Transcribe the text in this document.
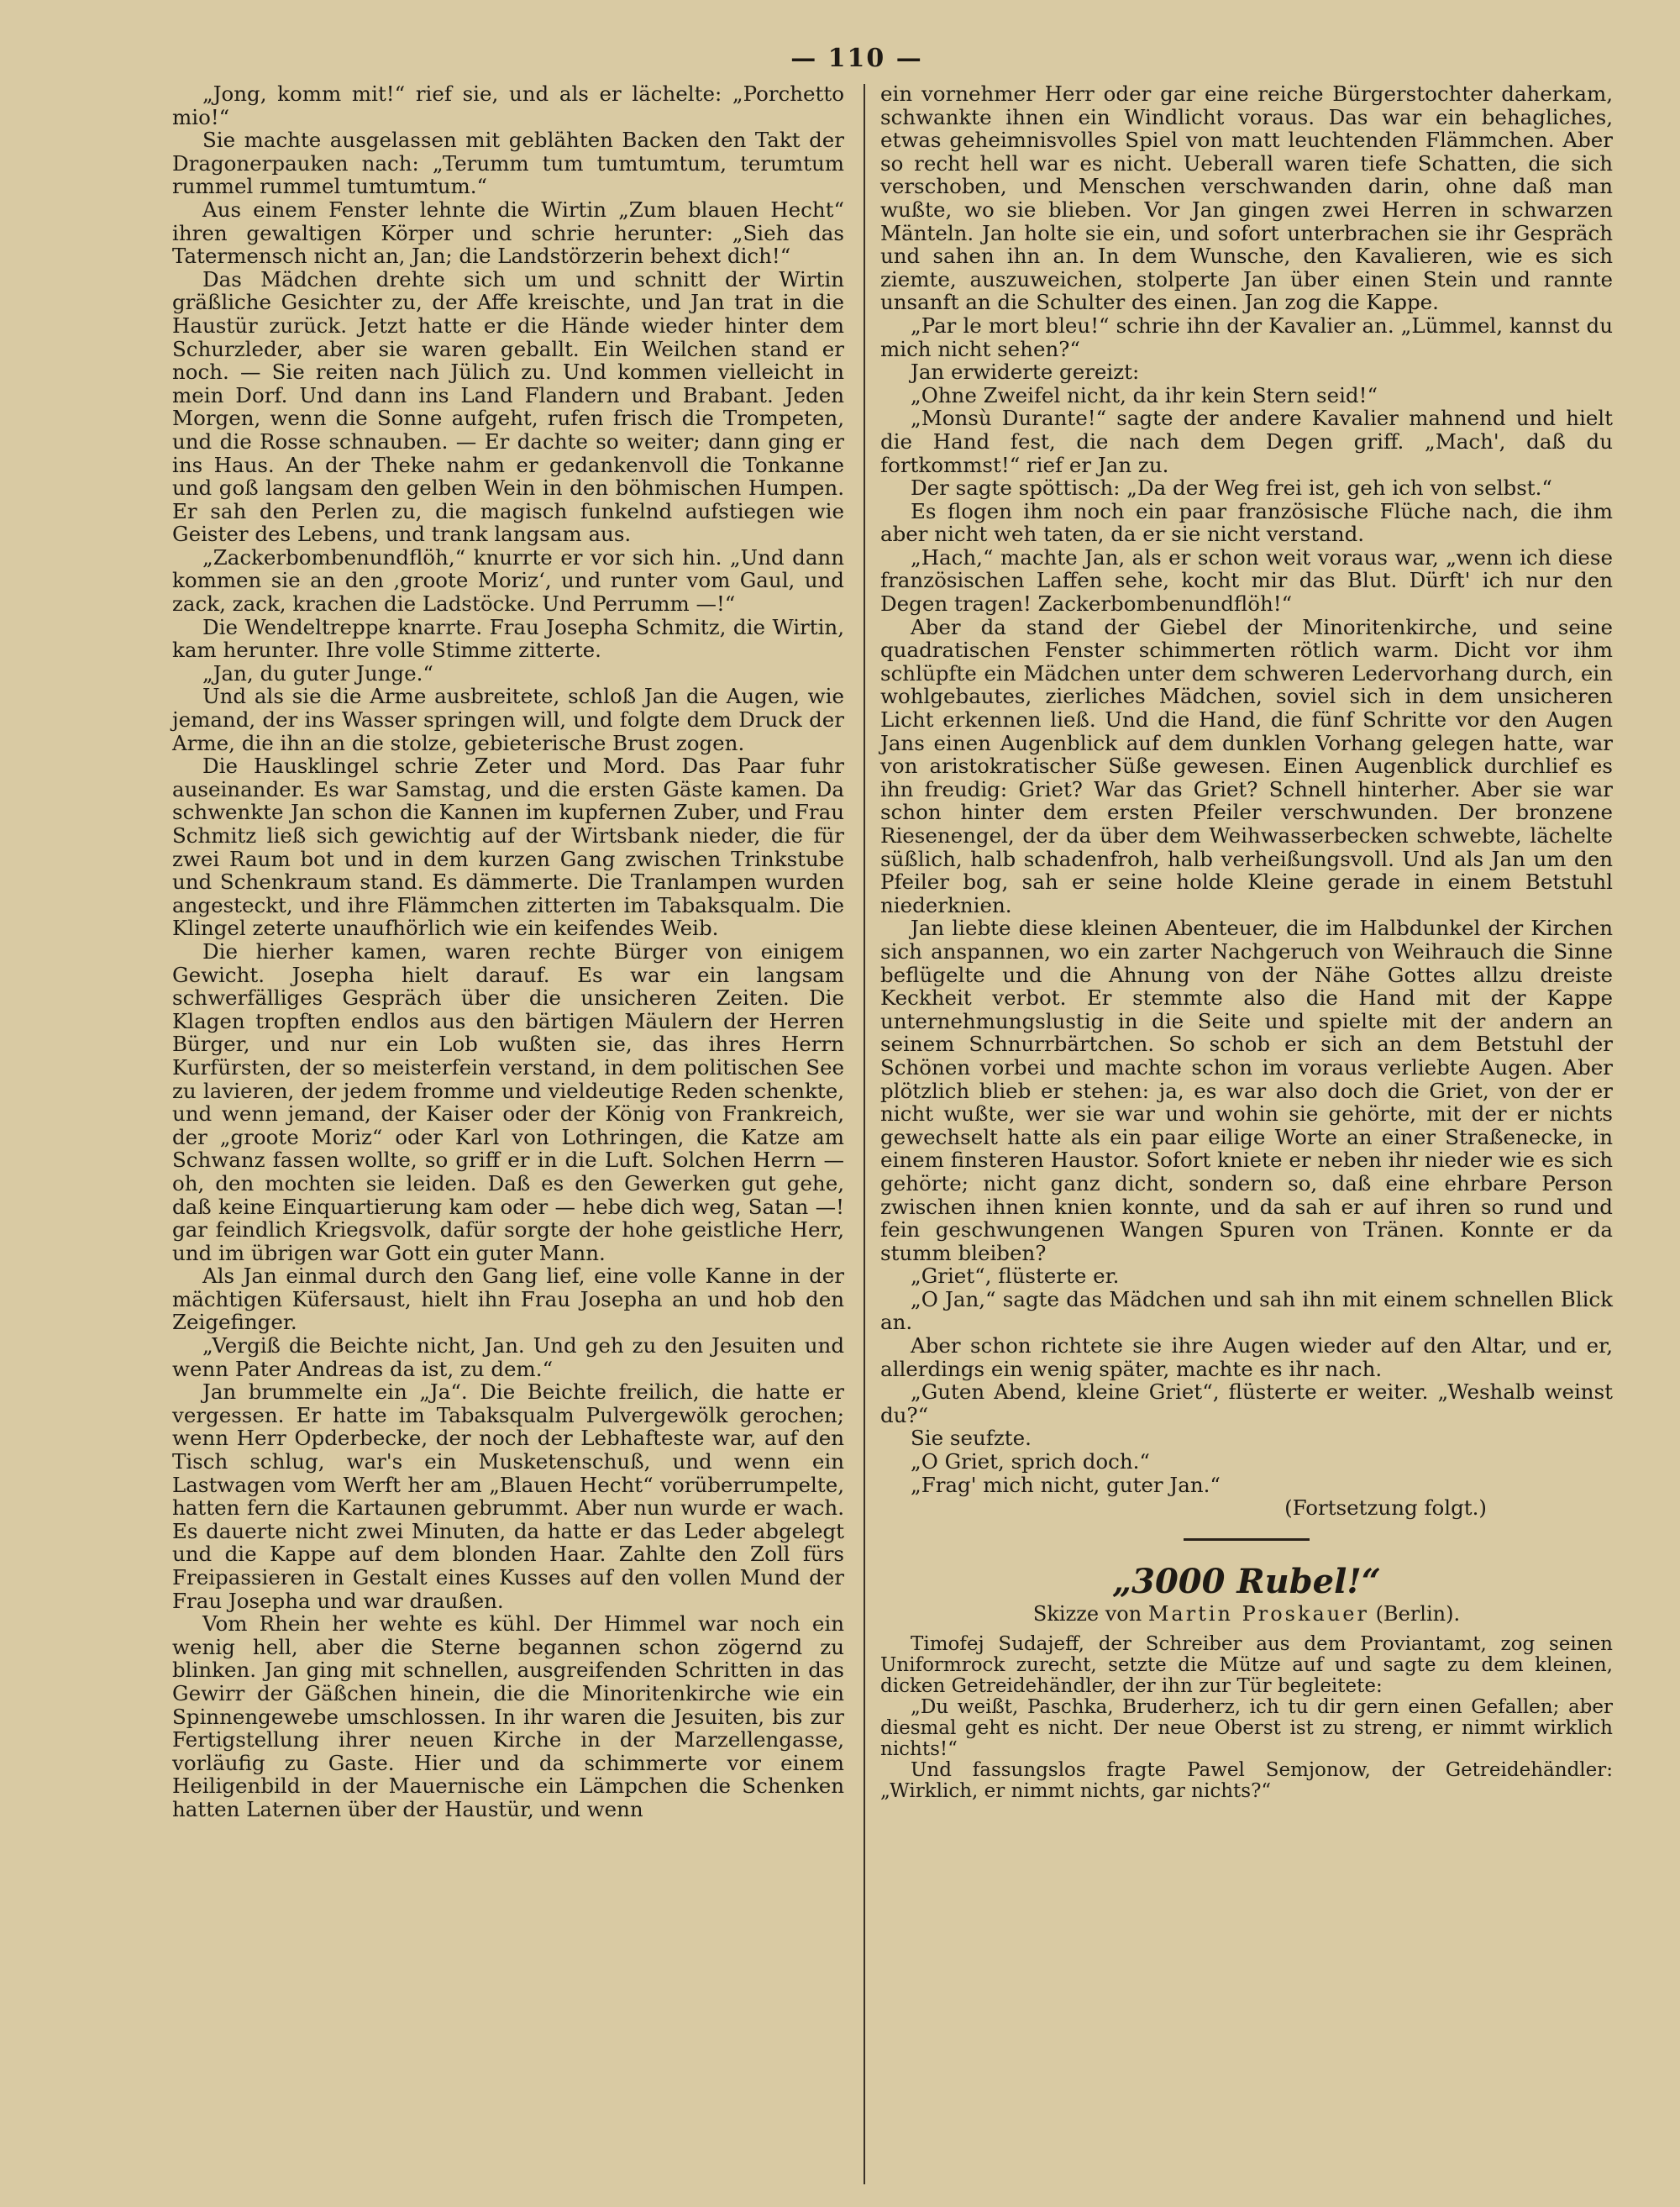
— 110 —

„Jong, komm mit!“ rief sie, und als er lächelte: „Porchetto mio!“

Sie machte ausgelassen mit geblähten Backen den Takt der Dragonerpauken nach: „Terumm tum tumtumtum, terumtum rummel rummel tumtumtum.“

Aus einem Fenster lehnte die Wirtin „Zum blauen Hecht“ ihren gewaltigen Körper und schrie herunter: „Sieh das Tatermensch nicht an, Jan; die Landstörzerin behext dich!“

Das Mädchen drehte sich um und schnitt der Wirtin gräßliche Gesichter zu, der Affe kreischte, und Jan trat in die Haustür zurück. Jetzt hatte er die Hände wieder hinter dem Schurzleder, aber sie waren geballt. Ein Weilchen stand er noch. — Sie reiten nach Jülich zu. Und kommen vielleicht in mein Dorf. Und dann ins Land Flandern und Brabant. Jeden Morgen, wenn die Sonne aufgeht, rufen frisch die Trompeten, und die Rosse schnauben. — Er dachte so weiter; dann ging er ins Haus. An der Theke nahm er gedankenvoll die Tonkanne und goß langsam den gelben Wein in den böhmischen Humpen. Er sah den Perlen zu, die magisch funkelnd aufstiegen wie Geister des Lebens, und trank langsam aus.

„Zackerbombenundflöh,“ knurrte er vor sich hin. „Und dann kommen sie an den ‚groote Moriz‘, und runter vom Gaul, und zack, zack, krachen die Ladstöcke. Und Perrumm —!“

Die Wendeltreppe knarrte. Frau Josepha Schmitz, die Wirtin, kam herunter. Ihre volle Stimme zitterte.

„Jan, du guter Junge.“

Und als sie die Arme ausbreitete, schloß Jan die Augen, wie jemand, der ins Wasser springen will, und folgte dem Druck der Arme, die ihn an die stolze, gebieterische Brust zogen.

Die Hausklingel schrie Zeter und Mord. Das Paar fuhr auseinander. Es war Samstag, und die ersten Gäste kamen. Da schwenkte Jan schon die Kannen im kupfernen Zuber, und Frau Schmitz ließ sich gewichtig auf der Wirtsbank nieder, die für zwei Raum bot und in dem kurzen Gang zwischen Trinkstube und Schenkraum stand. Es dämmerte. Die Tranlampen wurden angesteckt, und ihre Flämmchen zitterten im Tabaksqualm. Die Klingel zeterte unaufhörlich wie ein keifendes Weib.

Die hierher kamen, waren rechte Bürger von einigem Gewicht. Josepha hielt darauf. Es war ein langsam schwerfälliges Gespräch über die unsicheren Zeiten. Die Klagen tropften endlos aus den bärtigen Mäulern der Herren Bürger, und nur ein Lob wußten sie, das ihres Herrn Kurfürsten, der so meisterfein verstand, in dem politischen See zu lavieren, der jedem fromme und vieldeutige Reden schenkte, und wenn jemand, der Kaiser oder der König von Frankreich, der „groote Moriz“ oder Karl von Lothringen, die Katze am Schwanz fassen wollte, so griff er in die Luft. Solchen Herrn — oh, den mochten sie leiden. Daß es den Gewerken gut gehe, daß keine Einquartierung kam oder — hebe dich weg, Satan —! gar feindlich Kriegsvolk, dafür sorgte der hohe geistliche Herr, und im übrigen war Gott ein guter Mann.

Als Jan einmal durch den Gang lief, eine volle Kanne in der mächtigen Küfersaust, hielt ihn Frau Josepha an und hob den Zeigefinger.

„Vergiß die Beichte nicht, Jan. Und geh zu den Jesuiten und wenn Pater Andreas da ist, zu dem.“

Jan brummelte ein „Ja“. Die Beichte freilich, die hatte er vergessen. Er hatte im Tabaksqualm Pulvergewölk gerochen; wenn Herr Opderbecke, der noch der Lebhafteste war, auf den Tisch schlug, war's ein Musketenschuß, und wenn ein Lastwagen vom Werft her am „Blauen Hecht“ vorüberrumpelte, hatten fern die Kartaunen gebrummt. Aber nun wurde er wach. Es dauerte nicht zwei Minuten, da hatte er das Leder abgelegt und die Kappe auf dem blonden Haar. Zahlte den Zoll fürs Freipassieren in Gestalt eines Kusses auf den vollen Mund der Frau Josepha und war draußen.

Vom Rhein her wehte es kühl. Der Himmel war noch ein wenig hell, aber die Sterne begannen schon zögernd zu blinken. Jan ging mit schnellen, ausgreifenden Schritten in das Gewirr der Gäßchen hinein, die die Minoritenkirche wie ein Spinnengewebe umschlossen. In ihr waren die Jesuiten, bis zur Fertigstellung ihrer neuen Kirche in der Marzellengasse, vorläufig zu Gaste. Hier und da schimmerte vor einem Heiligenbild in der Mauernische ein Lämpchen die Schenken hatten Laternen über der Haustür, und wenn

ein vornehmer Herr oder gar eine reiche Bürgerstochter daherkam, schwankte ihnen ein Windlicht voraus. Das war ein behagliches, etwas geheimnisvolles Spiel von matt leuchtenden Flämmchen. Aber so recht hell war es nicht. Ueberall waren tiefe Schatten, die sich verschoben, und Menschen verschwanden darin, ohne daß man wußte, wo sie blieben. Vor Jan gingen zwei Herren in schwarzen Mänteln. Jan holte sie ein, und sofort unterbrachen sie ihr Gespräch und sahen ihn an. In dem Wunsche, den Kavalieren, wie es sich ziemte, auszuweichen, stolperte Jan über einen Stein und rannte unsanft an die Schulter des einen. Jan zog die Kappe.

„Par le mort bleu!“ schrie ihn der Kavalier an. „Lümmel, kannst du mich nicht sehen?“

Jan erwiderte gereizt:

„Ohne Zweifel nicht, da ihr kein Stern seid!“

„Monsù Durante!“ sagte der andere Kavalier mahnend und hielt die Hand fest, die nach dem Degen griff. „Mach', daß du fortkommst!“ rief er Jan zu.

Der sagte spöttisch: „Da der Weg frei ist, geh ich von selbst.“

Es flogen ihm noch ein paar französische Flüche nach, die ihm aber nicht weh taten, da er sie nicht verstand.

„Hach,“ machte Jan, als er schon weit voraus war, „wenn ich diese französischen Laffen sehe, kocht mir das Blut. Dürft' ich nur den Degen tragen! Zackerbombenundflöh!“

Aber da stand der Giebel der Minoritenkirche, und seine quadratischen Fenster schimmerten rötlich warm. Dicht vor ihm schlüpfte ein Mädchen unter dem schweren Ledervorhang durch, ein wohlgebautes, zierliches Mädchen, soviel sich in dem unsicheren Licht erkennen ließ. Und die Hand, die fünf Schritte vor den Augen Jans einen Augenblick auf dem dunklen Vorhang gelegen hatte, war von aristokratischer Süße gewesen. Einen Augenblick durchlief es ihn freudig: Griet? War das Griet? Schnell hinterher. Aber sie war schon hinter dem ersten Pfeiler verschwunden. Der bronzene Riesenengel, der da über dem Weihwasserbecken schwebte, lächelte süßlich, halb schadenfroh, halb verheißungsvoll. Und als Jan um den Pfeiler bog, sah er seine holde Kleine gerade in einem Betstuhl niederknien.

Jan liebte diese kleinen Abenteuer, die im Halbdunkel der Kirchen sich anspannen, wo ein zarter Nachgeruch von Weihrauch die Sinne beflügelte und die Ahnung von der Nähe Gottes allzu dreiste Keckheit verbot. Er stemmte also die Hand mit der Kappe unternehmungslustig in die Seite und spielte mit der andern an seinem Schnurrbärtchen. So schob er sich an dem Betstuhl der Schönen vorbei und machte schon im voraus verliebte Augen. Aber plötzlich blieb er stehen: ja, es war also doch die Griet, von der er nicht wußte, wer sie war und wohin sie gehörte, mit der er nichts gewechselt hatte als ein paar eilige Worte an einer Straßenecke, in einem finsteren Haustor. Sofort kniete er neben ihr nieder wie es sich gehörte; nicht ganz dicht, sondern so, daß eine ehrbare Person zwischen ihnen knien konnte, und da sah er auf ihren so rund und fein geschwungenen Wangen Spuren von Tränen. Konnte er da stumm bleiben?

„Griet“, flüsterte er.

„O Jan,“ sagte das Mädchen und sah ihn mit einem schnellen Blick an.

Aber schon richtete sie ihre Augen wieder auf den Altar, und er, allerdings ein wenig später, machte es ihr nach.

„Guten Abend, kleine Griet“, flüsterte er weiter. „Weshalb weinst du?“

Sie seufzte.

„O Griet, sprich doch.“

„Frag' mich nicht, guter Jan.“

(Fortsetzung folgt.)

„3000 Rubel!“
Skizze von Martin Proskauer (Berlin).

Timofej Sudajeff, der Schreiber aus dem Proviantamt, zog seinen Uniformrock zurecht, setzte die Mütze auf und sagte zu dem kleinen, dicken Getreidehändler, der ihn zur Tür begleitete:

„Du weißt, Paschka, Bruderherz, ich tu dir gern einen Gefallen; aber diesmal geht es nicht. Der neue Oberst ist zu streng, er nimmt wirklich nichts!“

Und fassungslos fragte Pawel Semjonow, der Getreidehändler: „Wirklich, er nimmt nichts, gar nichts?“
